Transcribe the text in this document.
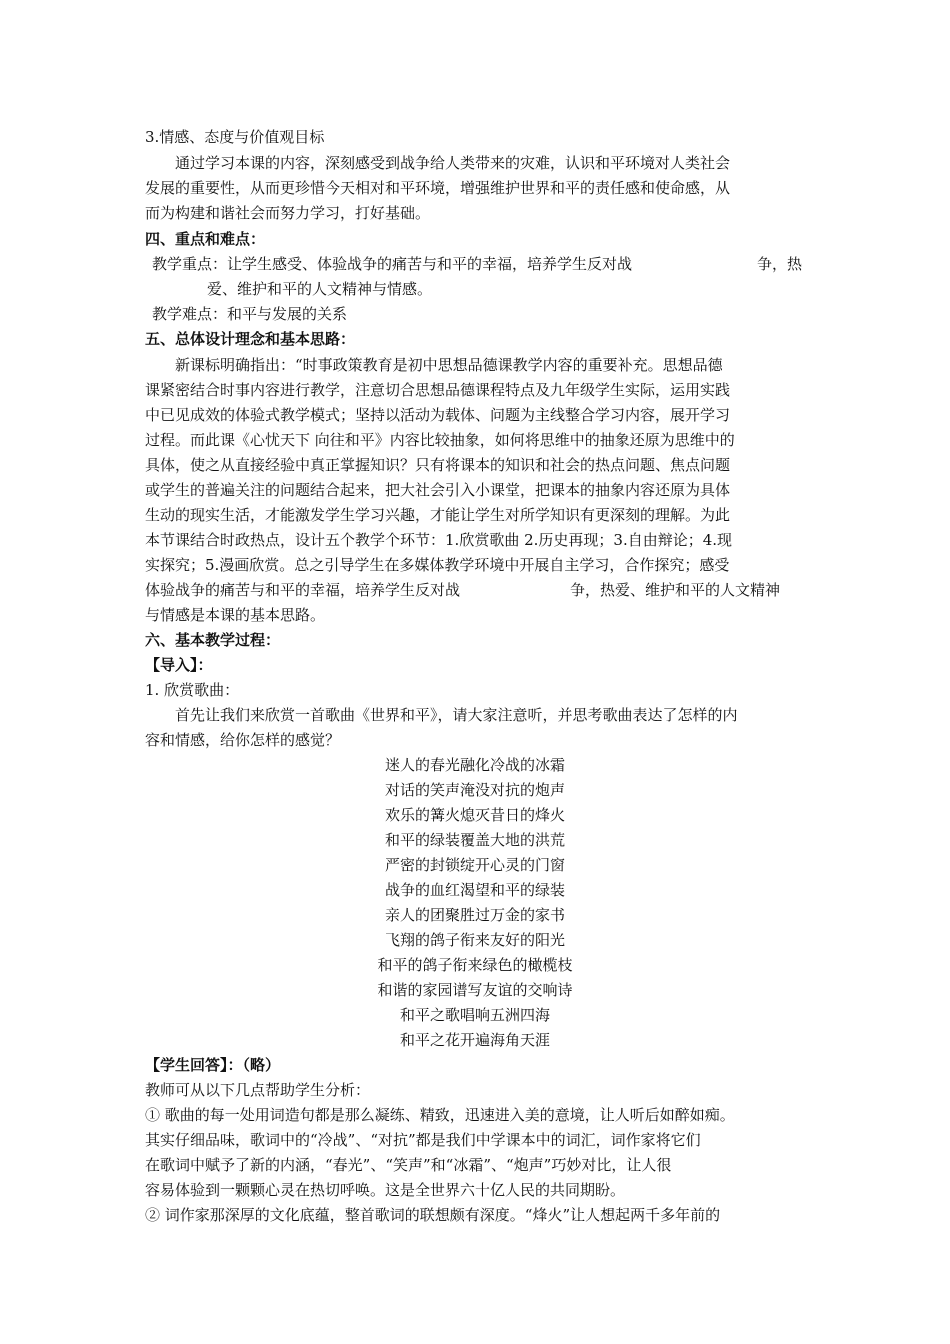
3.情感、态度与价值观目标

通过学习本课的内容，深刻感受到战争给人类带来的灾难，认识和平环境对人类社会

发展的重要性，从而更珍惜今天相对和平环境，增强维护世界和平的责任感和使命感，从

而为构建和谐社会而努力学习，打好基础。

四、重点和难点：

教学重点：让学生感受、体验战争的痛苦与和平的幸福，培养学生反对战	争，热

爱、维护和平的人文精神与情感。

教学难点：和平与发展的关系

五、总体设计理念和基本思路：

新课标明确指出：“时事政策教育是初中思想品德课教学内容的重要补充。思想品德

课紧密结合时事内容进行教学，注意切合思想品德课程特点及九年级学生实际，运用实践

中已见成效的体验式教学模式；坚持以活动为载体、问题为主线整合学习内容，展开学习

过程。而此课《心忧天下 向往和平》内容比较抽象，如何将思维中的抽象还原为思维中的

具体，使之从直接经验中真正掌握知识？只有将课本的知识和社会的热点问题、焦点问题

或学生的普遍关注的问题结合起来，把大社会引入小课堂，把课本的抽象内容还原为具体

生动的现实生活，才能激发学生学习兴趣，才能让学生对所学知识有更深刻的理解。为此

本节课结合时政热点，设计五个教学个环节：1.欣赏歌曲 2.历史再现；3.自由辩论；4.现

实探究；5.漫画欣赏。总之引导学生在多媒体教学环境中开展自主学习，合作探究；感受

体验战争的痛苦与和平的幸福，培养学生反对战	争，热爱、维护和平的人文精神

与情感是本课的基本思路。

六、基本教学过程：

【导入】：

1. 欣赏歌曲：

首先让我们来欣赏一首歌曲《世界和平》，请大家注意听，并思考歌曲表达了怎样的内

容和情感，给你怎样的感觉？

迷人的春光融化冷战的冰霜

对话的笑声淹没对抗的炮声

欢乐的篝火熄灭昔日的烽火

和平的绿装覆盖大地的洪荒

严密的封锁绽开心灵的门窗

战争的血红渴望和平的绿装

亲人的团聚胜过万金的家书

飞翔的鸽子衔来友好的阳光

和平的鸽子衔来绿色的橄榄枝

和谐的家园谱写友谊的交响诗

和平之歌唱响五洲四海

和平之花开遍海角天涯

【学生回答】：（略）

教师可从以下几点帮助学生分析：

① 歌曲的每一处用词造句都是那么凝练、精致，迅速进入美的意境，让人听后如醉如痴。

其实仔细品味，歌词中的“冷战”、“对抗”都是我们中学课本中的词汇，词作家将它们

在歌词中赋予了新的内涵，“春光”、“笑声”和“冰霜”、“炮声”巧妙对比，让人很

容易体验到一颗颗心灵在热切呼唤。这是全世界六十亿人民的共同期盼。

② 词作家那深厚的文化底蕴，整首歌词的联想颇有深度。“烽火”让人想起两千多年前的
